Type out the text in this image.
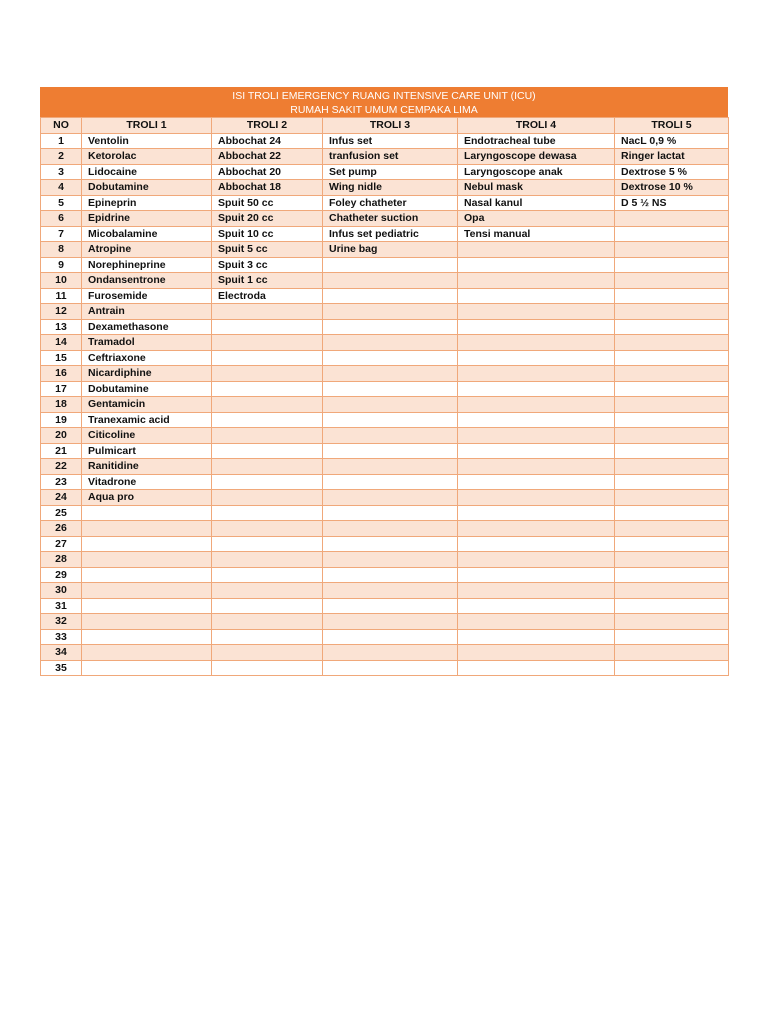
ISI TROLI EMERGENCY RUANG INTENSIVE CARE UNIT (ICU)
RUMAH SAKIT UMUM CEMPAKA LIMA
NO	TROLI 1	TROLI 2	TROLI 3	TROLI 4	TROLI 5
1	Ventolin	Abbochat 24	Infus set	Endotracheal tube	NacL 0,9 %
2	Ketorolac	Abbochat 22	tranfusion set	Laryngoscope dewasa	Ringer lactat
3	Lidocaine	Abbochat 20	Set pump	Laryngoscope anak	Dextrose 5 %
4	Dobutamine	Abbochat 18	Wing nidle	Nebul mask	Dextrose 10 %
5	Epineprin	Spuit 50 cc	Foley chatheter	Nasal kanul	D 5 ½ NS
6	Epidrine	Spuit 20 cc	Chatheter suction	Opa	
7	Micobalamine	Spuit 10 cc	Infus set pediatric	Tensi manual	
8	Atropine	Spuit 5 cc	Urine bag		
9	Norephineprine	Spuit 3 cc			
10	Ondansentrone	Spuit 1 cc			
11	Furosemide	Electroda			
12	Antrain				
13	Dexamethasone				
14	Tramadol				
15	Ceftriaxone				
16	Nicardiphine				
17	Dobutamine				
18	Gentamicin				
19	Tranexamic acid				
20	Citicoline				
21	Pulmicart				
22	Ranitidine				
23	Vitadrone				
24	Aqua pro				
25					
26					
27					
28					
29					
30					
31					
32					
33					
34					
35					
